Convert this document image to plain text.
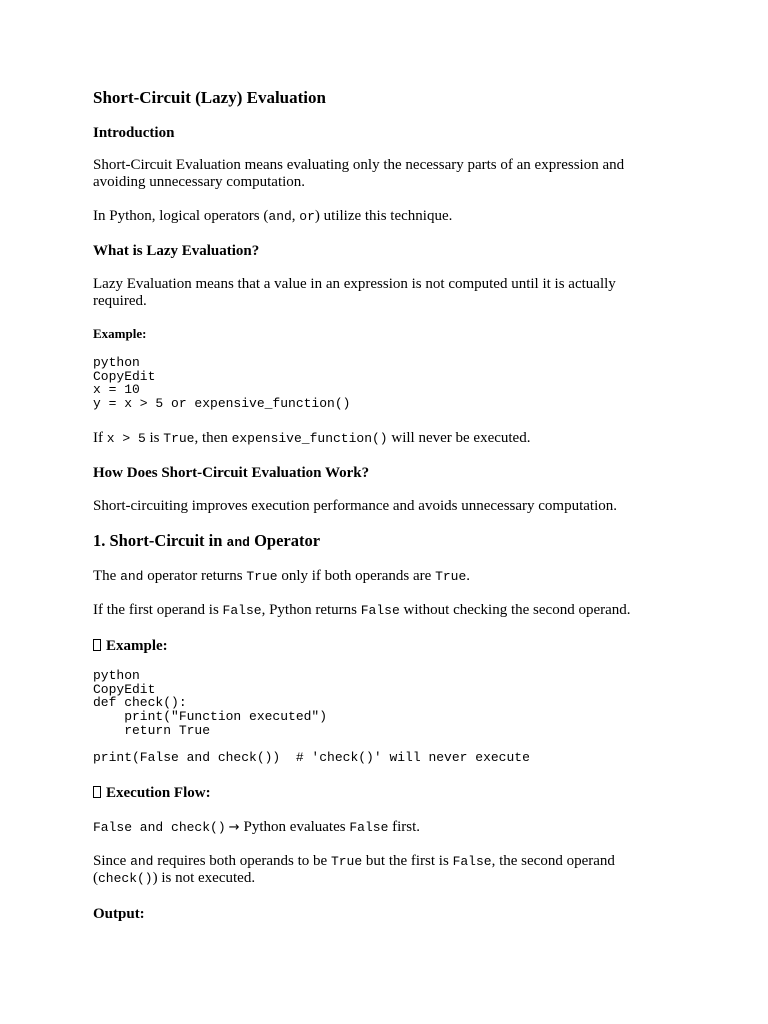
Short-Circuit (Lazy) Evaluation
Introduction

Short-Circuit Evaluation means evaluating only the necessary parts of an expression and avoiding unnecessary computation.

In Python, logical operators (and, or) utilize this technique.

What is Lazy Evaluation?

Lazy Evaluation means that a value in an expression is not computed until it is actually required.

Example:
python
CopyEdit
x = 10
y = x > 5 or expensive_function()

If x > 5 is True, then expensive_function() will never be executed.

How Does Short-Circuit Evaluation Work?

Short-circuiting improves execution performance and avoids unnecessary computation.

1. Short-Circuit in and Operator

The and operator returns True only if both operands are True.

If the first operand is False, Python returns False without checking the second operand.

Example:
python
CopyEdit
def check():
print("Function executed")
return True

print(False and check())  # 'check()' will never execute
Execution Flow:

False and check() → Python evaluates False first.

Since and requires both operands to be True but the first is False, the second operand (check()) is not executed.

Output:
